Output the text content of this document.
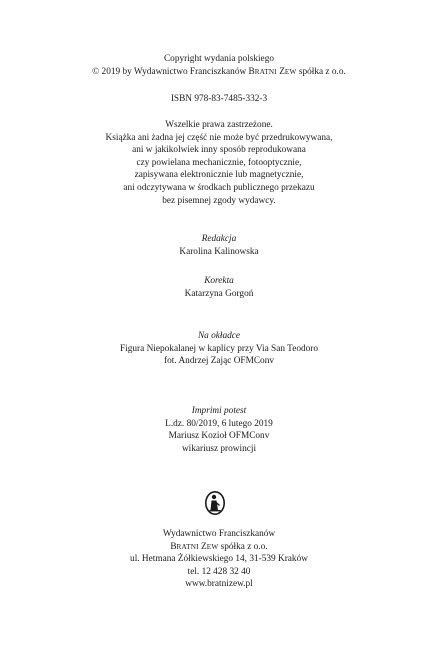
Copyright wydania polskiego
© 2019 by Wydawnictwo Franciszkanów BRATNI ZEW spółka z o.o.
ISBN 978-83-7485-332-3
Wszelkie prawa zastrzeżone.
Książka ani żadna jej część nie może być przedrukowywana,
ani w jakikolwiek inny sposób reprodukowana
czy powielana mechanicznie, fotooptycznie,
zapisywana elektronicznie lub magnetycznie,
ani odczytywana w środkach publicznego przekazu
bez pisemnej zgody wydawcy.
Redakcja
Karolina Kalinowska
Korekta
Katarzyna Gorgoń
Na okładce
Figura Niepokalanej w kaplicy przy Via San Teodoro
fot. Andrzej Zając OFMConv
Imprimi potest
L.dz. 80/2019, 6 lutego 2019
Mariusz Kozioł OFMConv
wikariusz prowincji
Wydawnictwo Franciszkanów
BRATNI ZEW spółka z o.o.
ul. Hetmana Żółkiewskiego 14, 31-539 Kraków
tel. 12 428 32 40
www.bratnizew.pl
